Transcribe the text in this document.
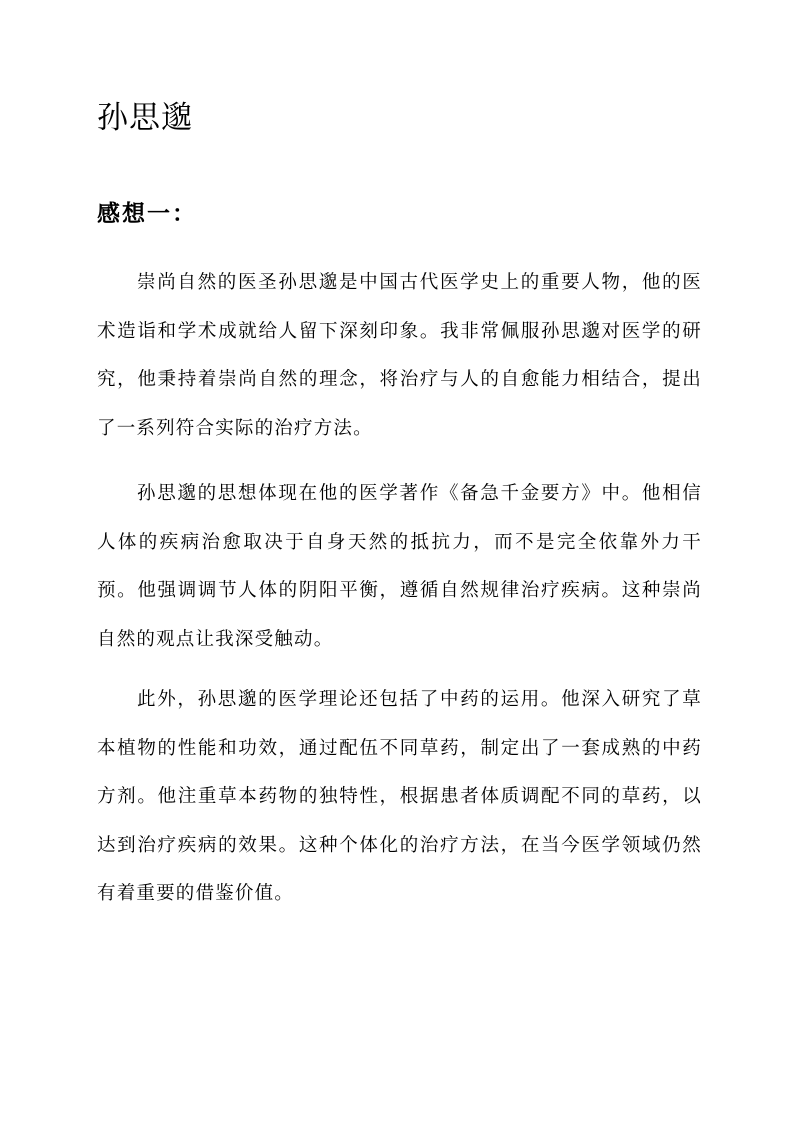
孙思邈
感想一：

崇尚自然的医圣孙思邈是中国古代医学史上的重要人物，他的医术造诣和学术成就给人留下深刻印象。我非常佩服孙思邈对医学的研究，他秉持着崇尚自然的理念，将治疗与人的自愈能力相结合，提出了一系列符合实际的治疗方法。

孙思邈的思想体现在他的医学著作《备急千金要方》中。他相信人体的疾病治愈取决于自身天然的抵抗力，而不是完全依靠外力干预。他强调调节人体的阴阳平衡，遵循自然规律治疗疾病。这种崇尚自然的观点让我深受触动。

此外，孙思邈的医学理论还包括了中药的运用。他深入研究了草本植物的性能和功效，通过配伍不同草药，制定出了一套成熟的中药方剂。他注重草本药物的独特性，根据患者体质调配不同的草药，以达到治疗疾病的效果。这种个体化的治疗方法，在当今医学领域仍然有着重要的借鉴价值。
